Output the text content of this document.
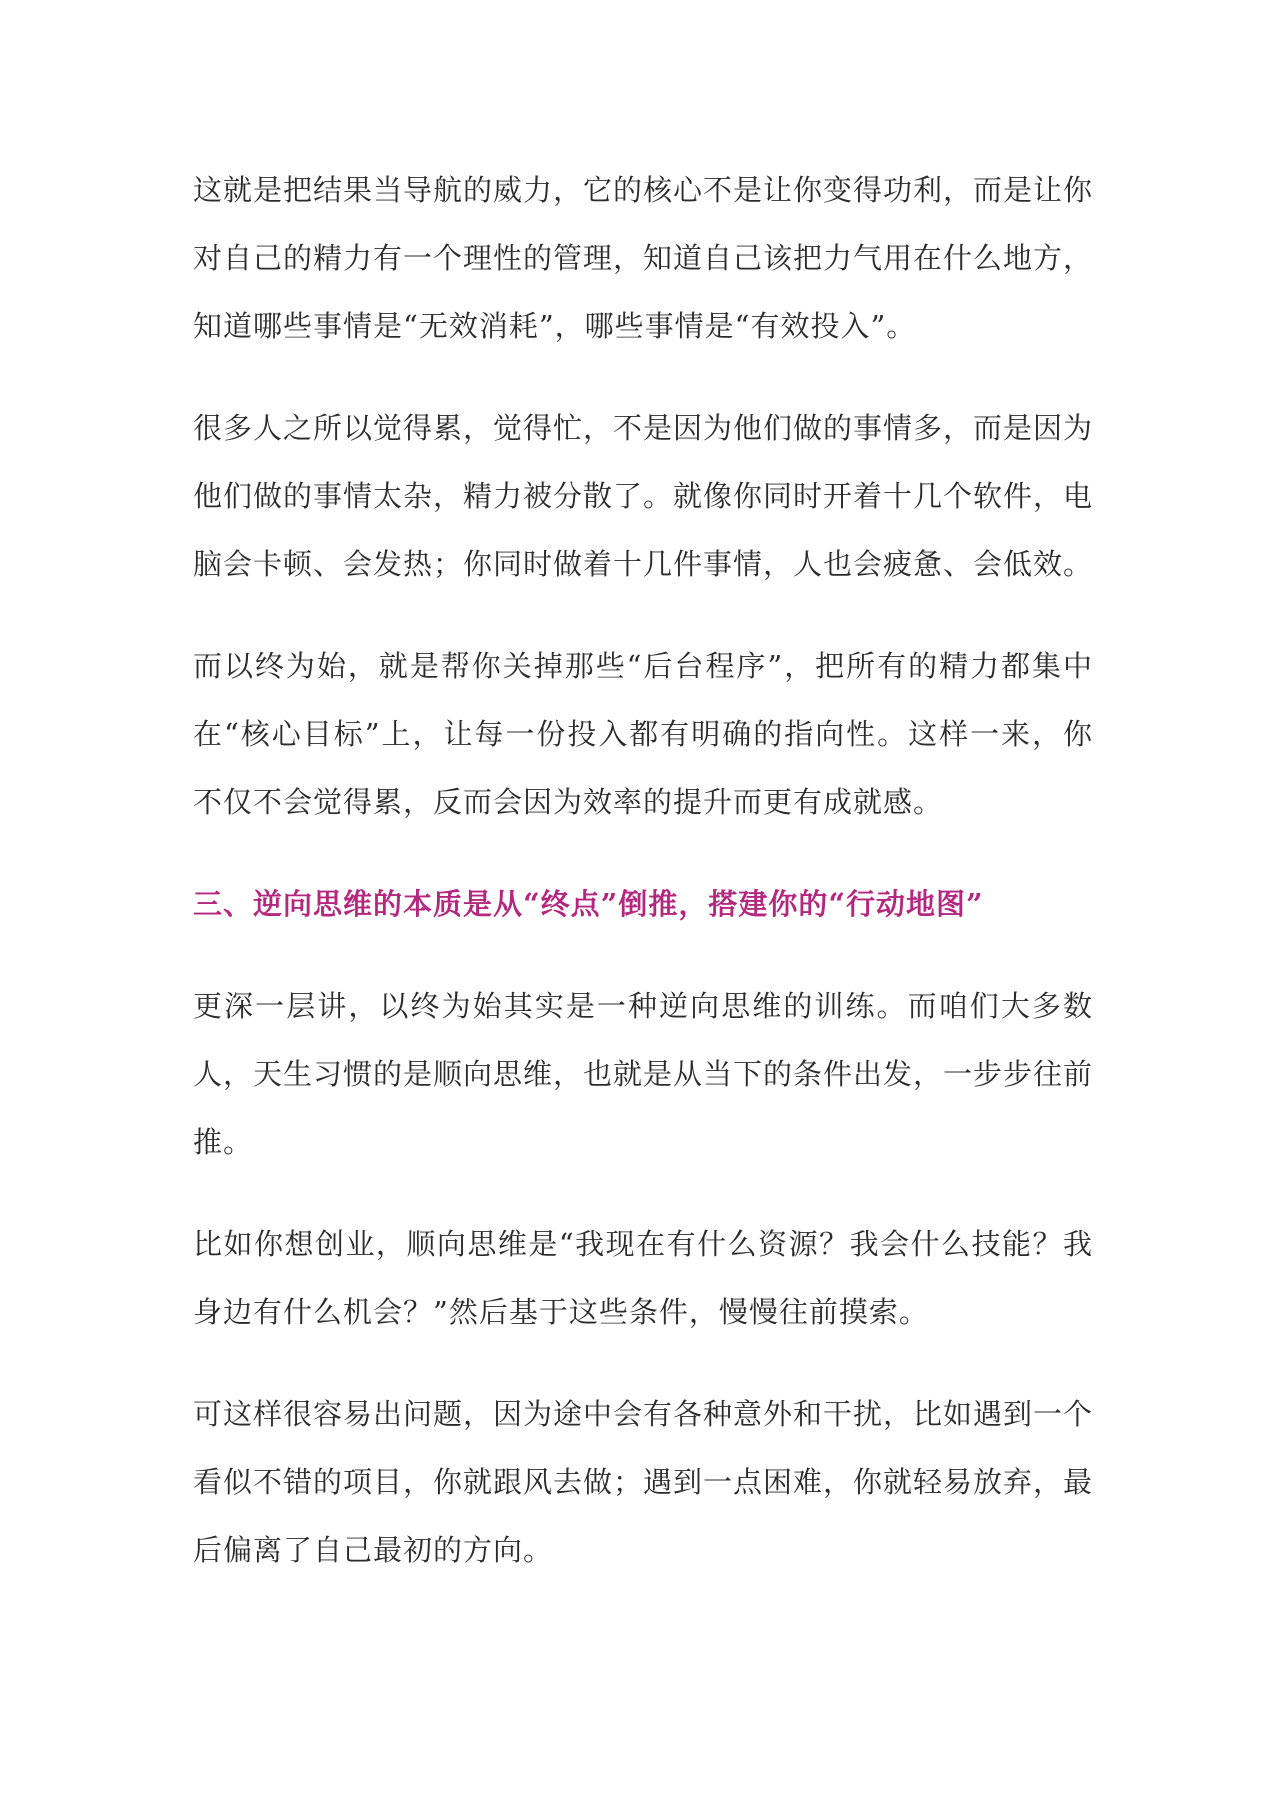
这就是把结果当导航的威力，它的核心不是让你变得功利，而是让你对自己的精力有一个理性的管理，知道自己该把力气用在什么地方，知道哪些事情是“无效消耗”，哪些事情是“有效投入”。

很多人之所以觉得累，觉得忙，不是因为他们做的事情多，而是因为他们做的事情太杂，精力被分散了。就像你同时开着十几个软件，电脑会卡顿、会发热；你同时做着十几件事情，人也会疲惫、会低效。

而以终为始，就是帮你关掉那些“后台程序”，把所有的精力都集中在“核心目标”上，让每一份投入都有明确的指向性。这样一来，你不仅不会觉得累，反而会因为效率的提升而更有成就感。

三、逆向思维的本质是从“终点”倒推，搭建你的“行动地图”

更深一层讲，以终为始其实是一种逆向思维的训练。而咱们大多数人，天生习惯的是顺向思维，也就是从当下的条件出发，一步步往前推。

比如你想创业，顺向思维是“我现在有什么资源？我会什么技能？我身边有什么机会？”然后基于这些条件，慢慢往前摸索。

可这样很容易出问题，因为途中会有各种意外和干扰，比如遇到一个看似不错的项目，你就跟风去做；遇到一点困难，你就轻易放弃，最后偏离了自己最初的方向。
